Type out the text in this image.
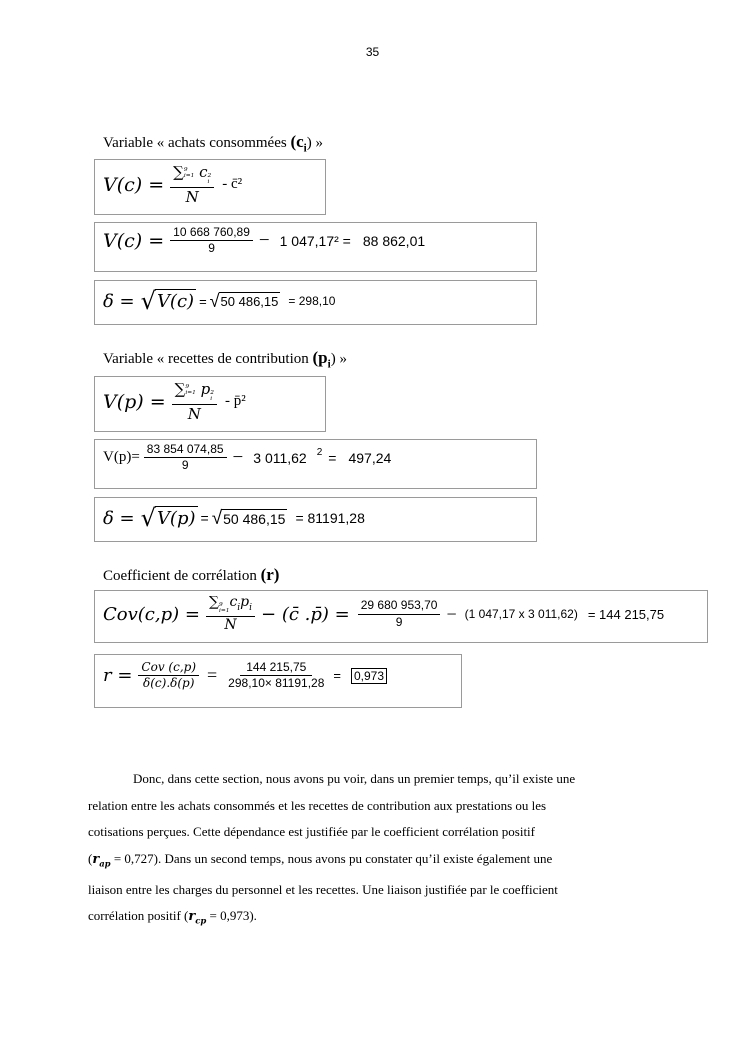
35
Variable « achats consommées $(c_i)$ »
V(c) = ∑ 9
i=1 c 2
i
N - c̄²
$V(c) = \frac{10 668 760,89}{9} - 1$ 047,17² = 88 862,01
δ = √ V(c) = √ 50 486,15 = 298,10
Variable « recettes de contribution $(p_i)$ »
V(p) = ∑ 9
i=1 p 2
i
N - p̄²
$V(p)= \frac{83 854 074,85}{9} - 3$ 011,62 $^2$ = 497,24
δ = √ V(p) = √ 50 486,15 = 81191,28
Coefficient de corrélation (r)
Cov(c,p) = ∑ 9
i=1
$c_ip_i$
N − (c̄ .p̄) = $\frac{29 680 953,70}{9} - (1$ 047,17 x 3 011,62) = 144 215,75
$r = \frac{\text{Cov (c,p)}}{\delta(c).\delta(p)} = \frac{144 215,75}{298,10\times 81191,28} = 0,973$

Donc, dans cette section, nous avons pu voir, dans un premier temps, qu’il existe une

relation entre les achats consommés et les recettes de contribution aux prestations ou les

cotisations perçues. Cette dépendance est justifiée par le coefficient corrélation positif

$(r_{ap} = 0,727)$. Dans un second temps, nous avons pu constater qu’il existe également une

liaison entre les charges du personnel et les recettes. Une liaison justifiée par le coefficient

corrélation positif $(r_{cp} = 0,973)$.
